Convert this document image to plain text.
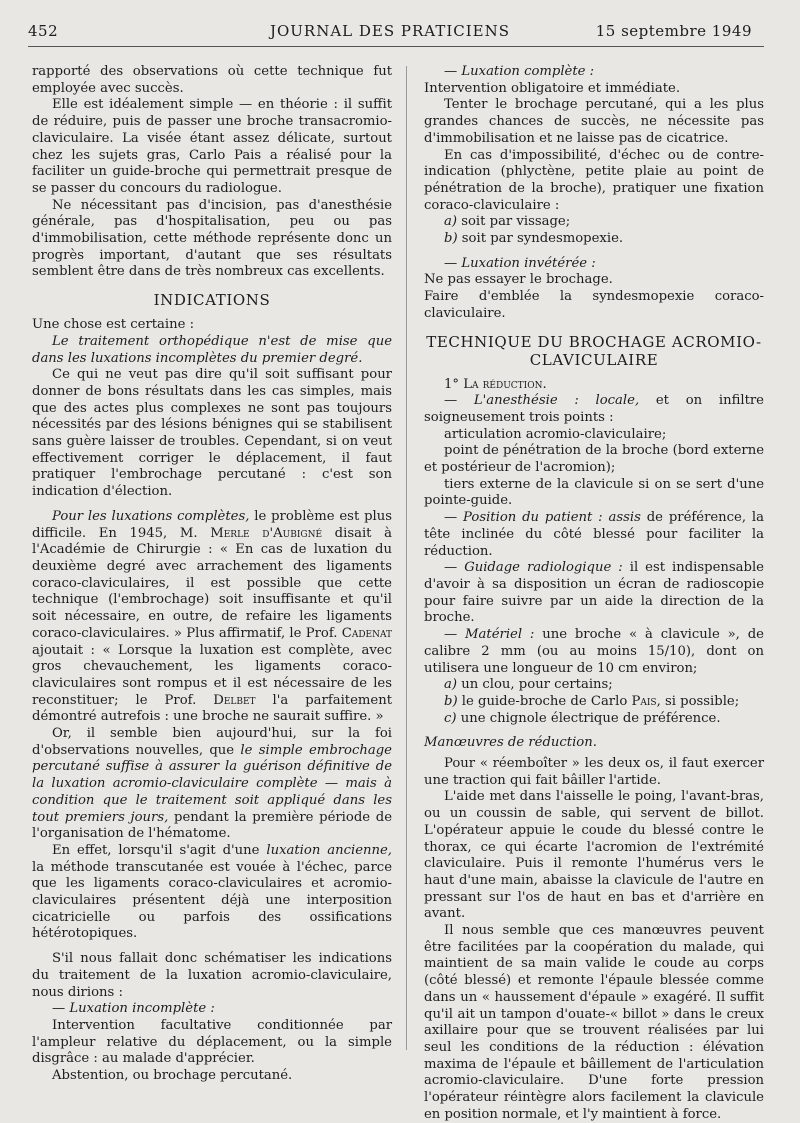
452	JOURNAL DES PRATICIENS	15 septembre 1949

rapporté des observations où cette technique fut employée avec succès.

Elle est idéalement simple — en théorie : il suffit de réduire, puis de passer une broche transacromio-claviculaire. La visée étant assez délicate, surtout chez les sujets gras, Carlo Pais a réalisé pour la faciliter un guide-broche qui permettrait presque de se passer du concours du radiologue.

Ne nécessitant pas d'incision, pas d'anesthésie générale, pas d'hospitalisation, peu ou pas d'immobilisation, cette méthode représente donc un progrès important, d'autant que ses résultats semblent être dans de très nombreux cas excellents.

INDICATIONS

Une chose est certaine :

Le traitement orthopédique n'est de mise que dans les luxations incomplètes du premier degré.

Ce qui ne veut pas dire qu'il soit suffisant pour donner de bons résultats dans les cas simples, mais que des actes plus complexes ne sont pas toujours nécessités par des lésions bénignes qui se stabilisent sans guère laisser de troubles. Cependant, si on veut effectivement corriger le déplacement, il faut pratiquer l'embrochage percutané : c'est son indication d'élection.

Pour les luxations complètes, le problème est plus difficile. En 1945, M. Merle d'Aubigné disait à l'Académie de Chirurgie : « En cas de luxation du deuxième degré avec arrachement des ligaments coraco-claviculaires, il est possible que cette technique (l'embrochage) soit insuffisante et qu'il soit nécessaire, en outre, de refaire les ligaments coraco-claviculaires. » Plus affirmatif, le Prof. Cadenat ajoutait : « Lorsque la luxation est complète, avec gros chevauchement, les ligaments coraco-claviculaires sont rompus et il est nécessaire de les reconstituer; le Prof. Delbet l'a parfaitement démontré autrefois : une broche ne saurait suffire. »

Or, il semble bien aujourd'hui, sur la foi d'observations nouvelles, que le simple embrochage percutané suffise à assurer la guérison définitive de la luxation acromio-claviculaire complète — mais à condition que le traitement soit appliqué dans les tout premiers jours, pendant la première période de l'organisation de l'hématome.

En effet, lorsqu'il s'agit d'une luxation ancienne, la méthode transcutanée est vouée à l'échec, parce que les ligaments coraco-claviculaires et acromio-claviculaires présentent déjà une interposition cicatricielle ou parfois des ossifications hétérotopiques.

S'il nous fallait donc schématiser les indications du traitement de la luxation acromio-claviculaire, nous dirions :

— Luxation incomplète :

Intervention facultative conditionnée par l'ampleur relative du déplacement, ou la simple disgrâce : au malade d'apprécier.

Abstention, ou brochage percutané.

— Luxation complète :

Intervention obligatoire et immédiate.

Tenter le brochage percutané, qui a les plus grandes chances de succès, ne nécessite pas d'immobilisation et ne laisse pas de cicatrice.

En cas d'impossibilité, d'échec ou de contre-indication (phlyctène, petite plaie au point de pénétration de la broche), pratiquer une fixation coraco-claviculaire :

a) soit par vissage;

b) soit par syndesmopexie.

— Luxation invétérée :

Ne pas essayer le brochage.

Faire d'emblée la syndesmopexie coraco-claviculaire.

TECHNIQUE DU BROCHAGE ACROMIO-CLAVICULAIRE

1° La réduction.

— L'anesthésie : locale, et on infiltre soigneusement trois points :

articulation acromio-claviculaire;

point de pénétration de la broche (bord externe et postérieur de l'acromion);

tiers externe de la clavicule si on se sert d'une pointe-guide.

— Position du patient : assis de préférence, la tête inclinée du côté blessé pour faciliter la réduction.

— Guidage radiologique : il est indispensable d'avoir à sa disposition un écran de radioscopie pour faire suivre par un aide la direction de la broche.

— Matériel : une broche « à clavicule », de calibre 2 mm (ou au moins 15/10), dont on utilisera une longueur de 10 cm environ;

a) un clou, pour certains;

b) le guide-broche de Carlo Pais, si possible;

c) une chignole électrique de préférence.

Manœuvres de réduction.

Pour « réemboîter » les deux os, il faut exercer une traction qui fait bâiller l'artide.

L'aide met dans l'aisselle le poing, l'avant-bras, ou un coussin de sable, qui servent de billot. L'opérateur appuie le coude du blessé contre le thorax, ce qui écarte l'acromion de l'extrémité claviculaire. Puis il remonte l'humérus vers le haut d'une main, abaisse la clavicule de l'autre en pressant sur l'os de haut en bas et d'arrière en avant.

Il nous semble que ces manœuvres peuvent être facilitées par la coopération du malade, qui maintient de sa main valide le coude au corps (côté blessé) et remonte l'épaule blessée comme dans un « haussement d'épaule » exagéré. Il suffit qu'il ait un tampon d'ouate-« billot » dans le creux axillaire pour que se trouvent réalisées par lui seul les conditions de la réduction : élévation maxima de l'épaule et bâillement de l'articulation acromio-claviculaire. D'une forte pression l'opérateur réintègre alors facilement la clavicule en position normale, et l'y maintient à force.
